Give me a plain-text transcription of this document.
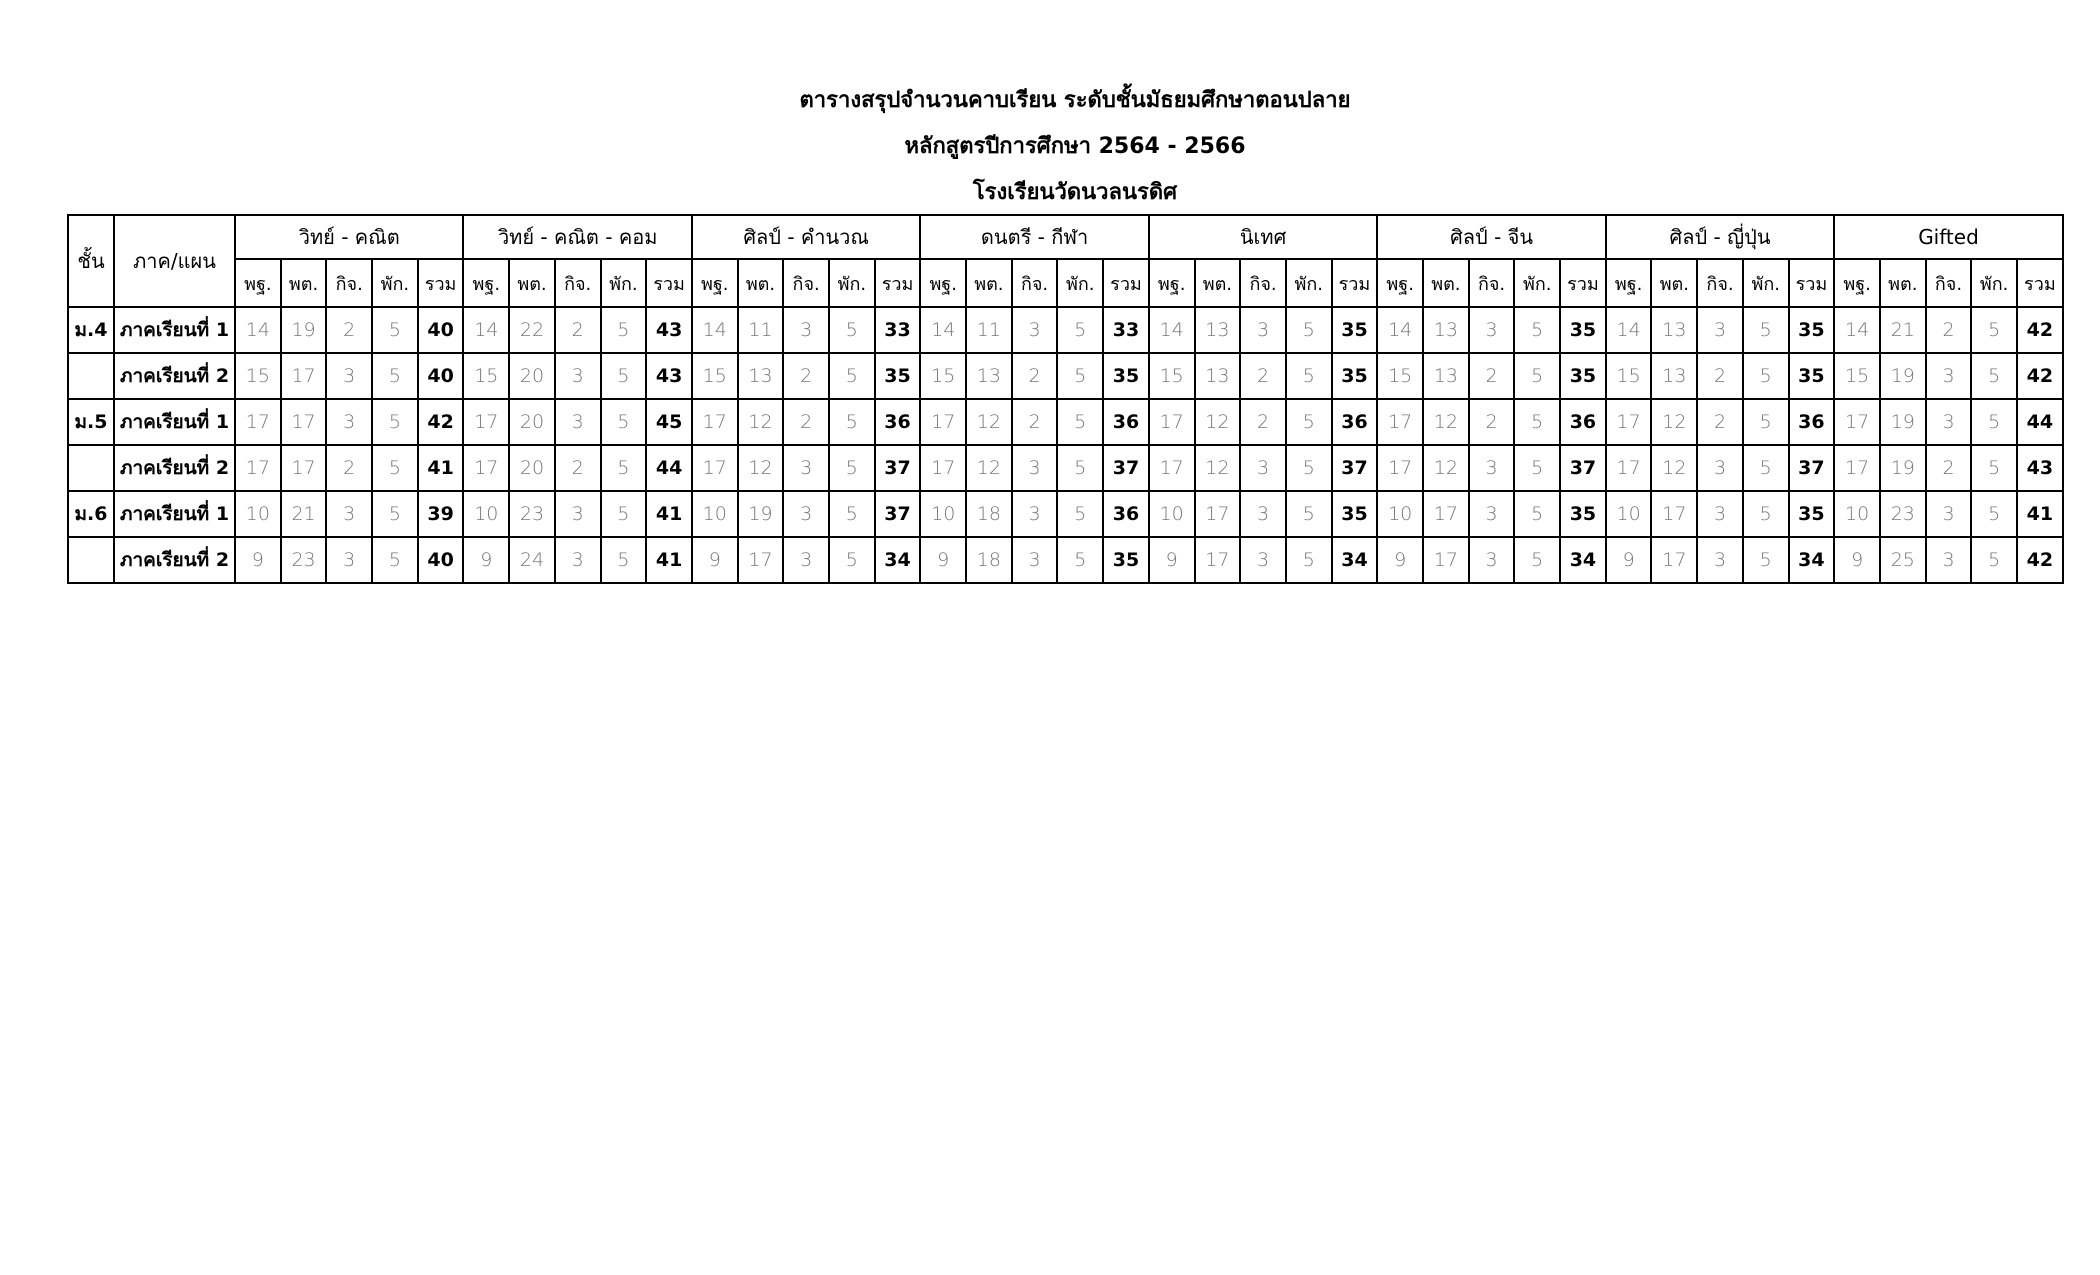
ตารางสรุปจำนวนคาบเรียน ระดับชั้นมัธยมศึกษาตอนปลาย
หลักสูตรปีการศึกษา 2564 - 2566
โรงเรียนวัดนวลนรดิศ
ชั้น	ภาค/แผน	วิทย์ - คณิต					วิทย์ - คณิต - คอม					ศิลป์ - คำนวณ					ดนตรี - กีฬา					นิเทศ					ศิลป์ - จีน					ศิลป์ - ญี่ปุ่น					Gifted				
		พฐ.	พต.	กิจ.	พัก.	รวม	พฐ.	พต.	กิจ.	พัก.	รวม	พฐ.	พต.	กิจ.	พัก.	รวม	พฐ.	พต.	กิจ.	พัก.	รวม	พฐ.	พต.	กิจ.	พัก.	รวม	พฐ.	พต.	กิจ.	พัก.	รวม	พฐ.	พต.	กิจ.	พัก.	รวม	พฐ.	พต.	กิจ.	พัก.	รวม
ม.4	ภาคเรียนที่ 1	14	19	2	5	40	14	22	2	5	43	14	11	3	5	33	14	11	3	5	33	14	13	3	5	35	14	13	3	5	35	14	13	3	5	35	14	21	2	5	42
	ภาคเรียนที่ 2	15	17	3	5	40	15	20	3	5	43	15	13	2	5	35	15	13	2	5	35	15	13	2	5	35	15	13	2	5	35	15	13	2	5	35	15	19	3	5	42
ม.5	ภาคเรียนที่ 1	17	17	3	5	42	17	20	3	5	45	17	12	2	5	36	17	12	2	5	36	17	12	2	5	36	17	12	2	5	36	17	12	2	5	36	17	19	3	5	44
	ภาคเรียนที่ 2	17	17	2	5	41	17	20	2	5	44	17	12	3	5	37	17	12	3	5	37	17	12	3	5	37	17	12	3	5	37	17	12	3	5	37	17	19	2	5	43
ม.6	ภาคเรียนที่ 1	10	21	3	5	39	10	23	3	5	41	10	19	3	5	37	10	18	3	5	36	10	17	3	5	35	10	17	3	5	35	10	17	3	5	35	10	23	3	5	41
	ภาคเรียนที่ 2	9	23	3	5	40	9	24	3	5	41	9	17	3	5	34	9	18	3	5	35	9	17	3	5	34	9	17	3	5	34	9	17	3	5	34	9	25	3	5	42
